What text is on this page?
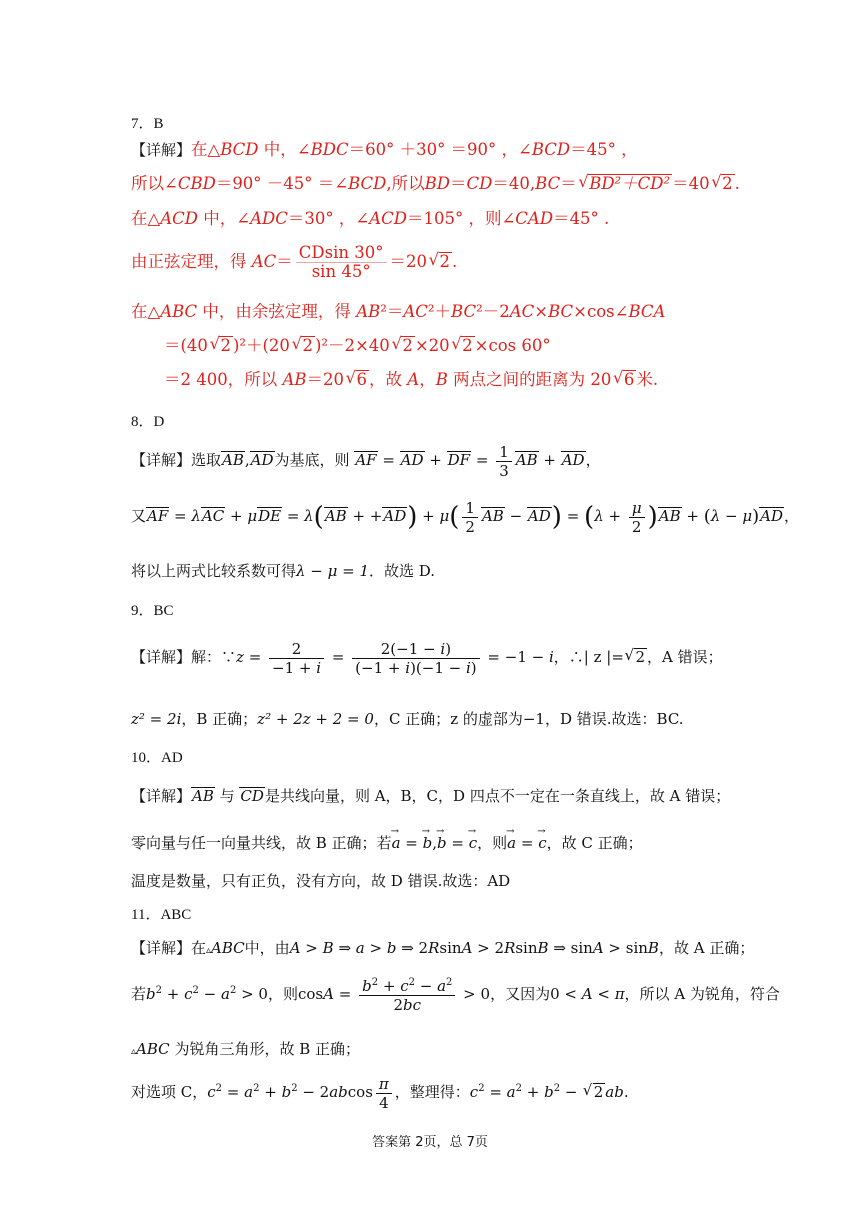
7．B
【详解】在△BCD 中，∠BDC＝60° ＋30° ＝90° ，∠BCD＝45° ，
所以∠CBD＝90° －45° ＝∠BCD,所以BD＝CD＝40,BC＝ √ BD²＋CD² ＝40 √ 2 .
在△ACD 中，∠ADC＝30° ，∠ACD＝105° ，则∠CAD＝45° .
由正弦定理，得 $AC= \frac{CDsin 30^\circ}{\sin 45^\circ} =20$ √ 2 .
在△ABC 中，由余弦定理，得 AB²＝AC²＋BC²－2AC×BC×cos∠BCA
＝(40 √ 2 )²＋(20 √ 2 )²－2×40 √ 2 ×20 √ 2 ×cos 60°
＝2 400，所以 AB＝20 √ 6 ，故 A，B 两点之间的距离为 20 √ 6 米.
8．D
【详解】选取AB,AD为基底，则 AF = AD + DF = $\frac{1}{3}$ AB + AD，
又AF = $\lambda AC + \mu DE = \lambda(AB + +AD) + \mu( \frac{1}{2}$ AB − $AD) = (\lambda + \frac{\mu}{2} )AB + (\lambda - \mu)AD$，
将以上两式比较系数可得λ − μ = 1．故选 D.
9．BC
【详解】解：∵z = $\frac{2}{-1 + i} = \frac{2(-1 - i)}{(-1 + i)(-1 - i)} = -1 - i$，∴| z |= √ 2 ，A 错误；
z² = 2i，B 正确；z² + 2z + 2 = 0，C 正确；z 的虚部为−1，D 错误.故选：BC.
10．AD
【详解】AB 与 CD是共线向量，则 A，B，C，D 四点不一定在一条直线上，故 A 错误；
零向量与任一向量共线，故 B 正确；若→ a = → b,→ b = → c，则→ a = → c，故 C 正确；
温度是数量，只有正负，没有方向，故 D 错误.故选：AD
11．ABC
【详解】在▵ABC中，由A > B ⇒ a > b ⇒ 2RsinA > 2RsinB ⇒ sinA > sinB，故 A 正确；
若$b^2 + c^2 - a^2 > 0$，则$\cos A = \frac{b^2 + c^2 - a^2}{2bc} > 0$，又因为0 < A < π，所以 A 为锐角，符合
▵ABC 为锐角三角形，故 B 正确；
对选项 C，$c^2 = a^2 + b^2 - 2abcos \frac{\pi}{4}$ ，整理得：$c^2 = a^2 + b^2$ −   √ 2 ab.
答案第 2页，总 7页
